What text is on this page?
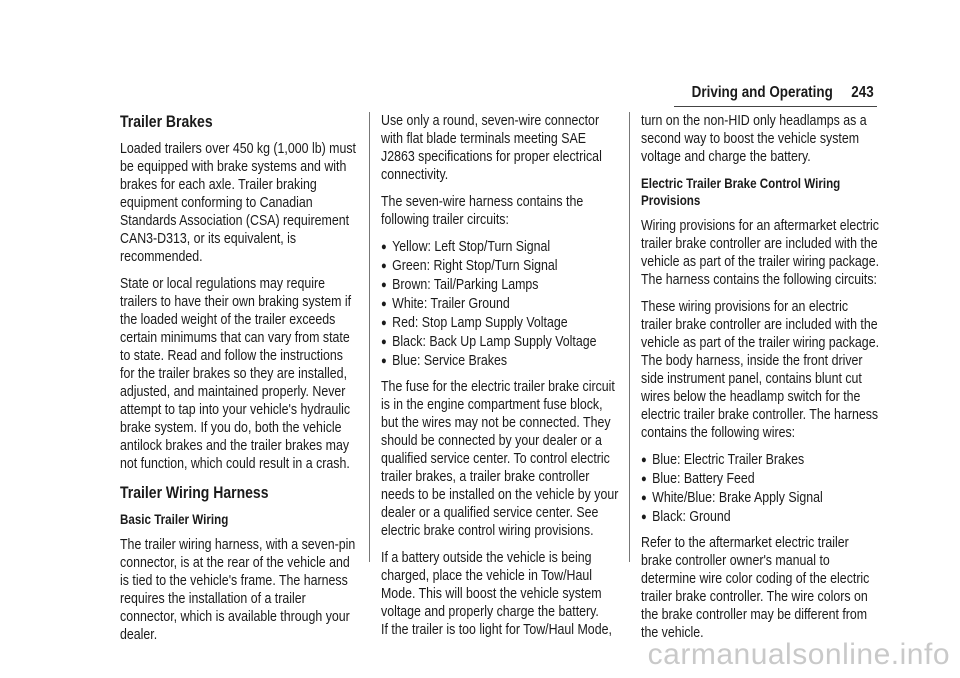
Driving and Operating 243
Trailer Brakes

Loaded trailers over 450 kg (1,000 lb) must be equipped with brake systems and with brakes for each axle. Trailer braking equipment conforming to Canadian Standards Association (CSA) requirement CAN3-D313, or its equivalent, is recommended.

State or local regulations may require trailers to have their own braking system if the loaded weight of the trailer exceeds certain minimums that can vary from state to state. Read and follow the instructions for the trailer brakes so they are installed, adjusted, and maintained properly. Never attempt to tap into your vehicle's hydraulic brake system. If you do, both the vehicle antilock brakes and the trailer brakes may not function, which could result in a crash.

Trailer Wiring Harness
Basic Trailer Wiring

The trailer wiring harness, with a seven-pin connector, is at the rear of the vehicle and is tied to the vehicle's frame. The harness requires the installation of a trailer connector, which is available through your dealer.

Use only a round, seven-wire connector with flat blade terminals meeting SAE J2863 specifications for proper electrical connectivity.

The seven-wire harness contains the following trailer circuits:

● Yellow: Left Stop/Turn Signal
● Green: Right Stop/Turn Signal
● Brown: Tail/Parking Lamps
● White: Trailer Ground
● Red: Stop Lamp Supply Voltage
● Black: Back Up Lamp Supply Voltage
● Blue: Service Brakes

The fuse for the electric trailer brake circuit is in the engine compartment fuse block, but the wires may not be connected. They should be connected by your dealer or a qualified service center. To control electric trailer brakes, a trailer brake controller needs to be installed on the vehicle by your dealer or a qualified service center. See electric brake control wiring provisions.

If a battery outside the vehicle is being charged, place the vehicle in Tow/Haul Mode. This will boost the vehicle system voltage and properly charge the battery.
If the trailer is too light for Tow/Haul Mode,

turn on the non-HID only headlamps as a second way to boost the vehicle system voltage and charge the battery.

Electric Trailer Brake Control Wiring Provisions

Wiring provisions for an aftermarket electric trailer brake controller are included with the vehicle as part of the trailer wiring package. The harness contains the following circuits:

These wiring provisions for an electric trailer brake controller are included with the vehicle as part of the trailer wiring package. The body harness, inside the front driver side instrument panel, contains blunt cut wires below the headlamp switch for the electric trailer brake controller. The harness contains the following wires:

● Blue: Electric Trailer Brakes
● Blue: Battery Feed
● White/Blue: Brake Apply Signal
● Black: Ground

Refer to the aftermarket electric trailer brake controller owner's manual to determine wire color coding of the electric trailer brake controller. The wire colors on the brake controller may be different from the vehicle.

carmanualsonline.info
